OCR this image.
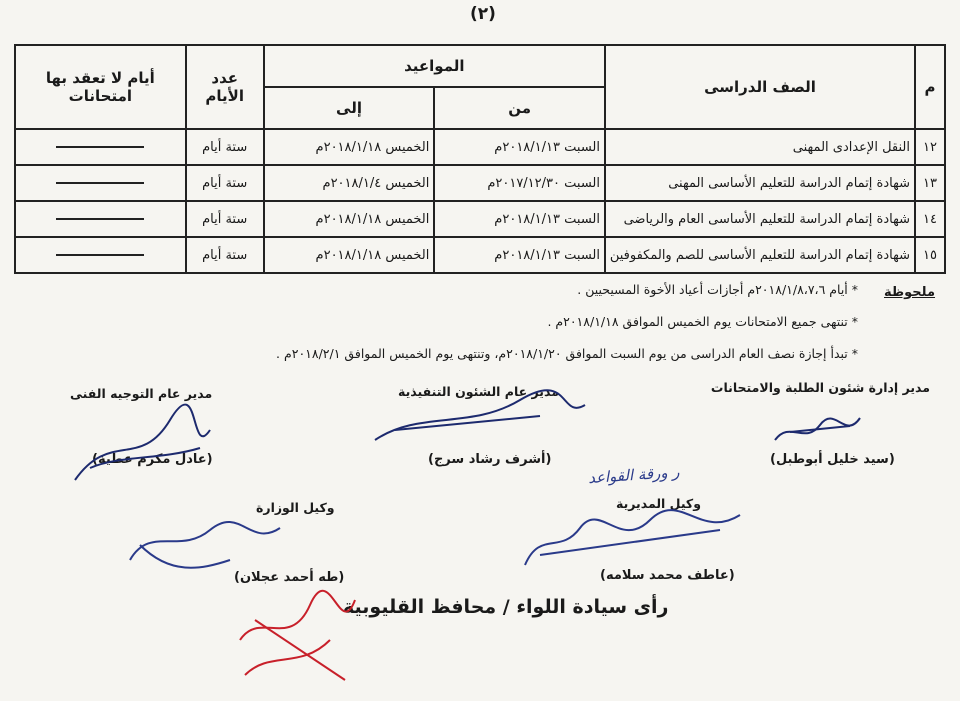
(٢)
م	الصف الدراسى	المواعيد		عدد الأيام	أيام لا تعقد بها امتحانات
		من	إلى		
١٢	النقل الإعدادى المهنى	السبت ٢٠١٨/١/١٣م	الخميس ٢٠١٨/١/١٨م	ستة أيام	
١٣	شهادة إتمام الدراسة للتعليم الأساسى المهنى	السبت ٢٠١٧/١٢/٣٠م	الخميس ٢٠١٨/١/٤م	ستة أيام	
١٤	شهادة إتمام الدراسة للتعليم الأساسى العام والرياضى	السبت ٢٠١٨/١/١٣م	الخميس ٢٠١٨/١/١٨م	ستة أيام	
١٥	شهادة إتمام الدراسة للتعليم الأساسى للصم والمكفوفين	السبت ٢٠١٨/١/١٣م	الخميس ٢٠١٨/١/١٨م	ستة أيام	
ملحوظة
* أيام ٢٠١٨/١/٨،٧،٦م أجازات أعياد الأخوة المسيحيين .
* تنتهى جميع الامتحانات يوم الخميس الموافق ٢٠١٨/١/١٨م .
* تبدأ إجازة نصف العام الدراسى من يوم السبت الموافق ٢٠١٨/١/٢٠م، وتنتهى يوم الخميس الموافق ٢٠١٨/٢/١م .
مدير إدارة شئون الطلبة والامتحانات
مدير عام الشئون التنفيذية
مدير عام التوجيه الفنى
(سيد خليل أبوطبل)
(أشرف رشاد سرج)
(عادل مكرم عطية)
وكيل المديرية
وكيل الوزارة
(عاطف محمد سلامه)
(طه أحمد عجلان)
ر ورقة القواعد
رأى سيادة اللواء / محافظ القليوبية
